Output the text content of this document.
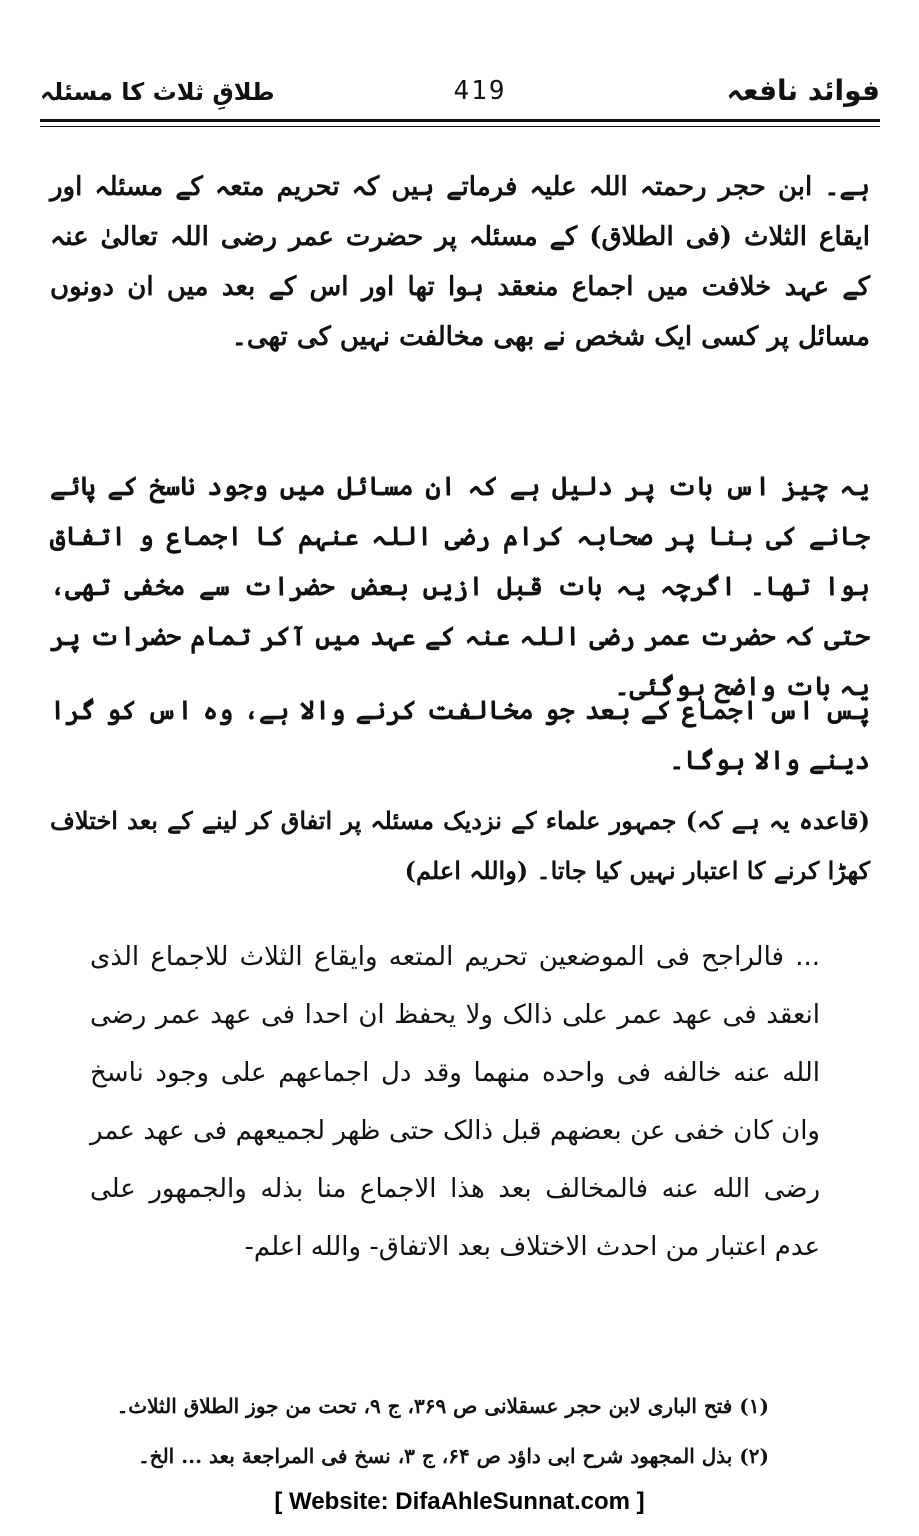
طلاقِ ثلاث کا مسئلہ	419	فوائد نافعہ
ہے۔ ابن حجر رحمتہ اللہ علیہ فرماتے ہیں کہ تحریم متعہ کے مسئلہ اور ایقاع الثلاث (فی الطلاق) کے مسئلہ پر حضرت عمر رضی اللہ تعالیٰ عنہ کے عہد خلافت میں اجماع منعقد ہوا تھا اور اس کے بعد میں ان دونوں مسائل پر کسی ایک شخص نے بھی مخالفت نہیں کی تھی۔
یہ چیز اس بات پر دلیل ہے کہ ان مسائل میں وجود ناسخ کے پائے جانے کی بنا پر صحابہ کرام رضی اللہ عنہم کا اجماع و اتفاق ہوا تھا۔ اگرچہ یہ بات قبل ازیں بعض حضرات سے مخفی تھی، حتی کہ حضرت عمر رضی اللہ عنہ کے عہد میں آکر تمام حضرات پر یہ بات واضح ہوگئی۔
پس اس اجماع کے بعد جو مخالفت کرنے والا ہے، وہ اس کو گرا دینے والا ہوگا۔
(قاعدہ یہ ہے کہ) جمہور علماء کے نزدیک مسئلہ پر اتفاق کر لینے کے بعد اختلاف کھڑا کرنے کا اعتبار نہیں کیا جاتا۔ (واللہ اعلم)
... فالراجح فی الموضعین تحریم المتعه وایقاع الثلاث للاجماع الذی انعقد فی عهد عمر علی ذالک ولا یحفظ ان احدا فی عهد عمر رضی الله عنه خالفه فی واحده منهما وقد دل اجماعهم علی وجود ناسخ وان کان خفی عن بعضهم قبل ذالک حتی ظهر لجمیعهم فی عهد عمر رضی الله عنه فالمخالف بعد هذا الاجماع منا بذله والجمهور علی عدم اعتبار من احدث الاختلاف بعد الاتفاق- والله اعلم-
(۱) فتح الباری لابن حجر عسقلانی ص ۳۶۹، ج ۹، تحت من جوز الطلاق الثلاث۔
(۲) بذل المجهود شرح ابی داؤد ص ۶۴، ج ۳، نسخ فی المراجعة بعد ... الخ۔
[ Website: DifaAhleSunnat.com ]
